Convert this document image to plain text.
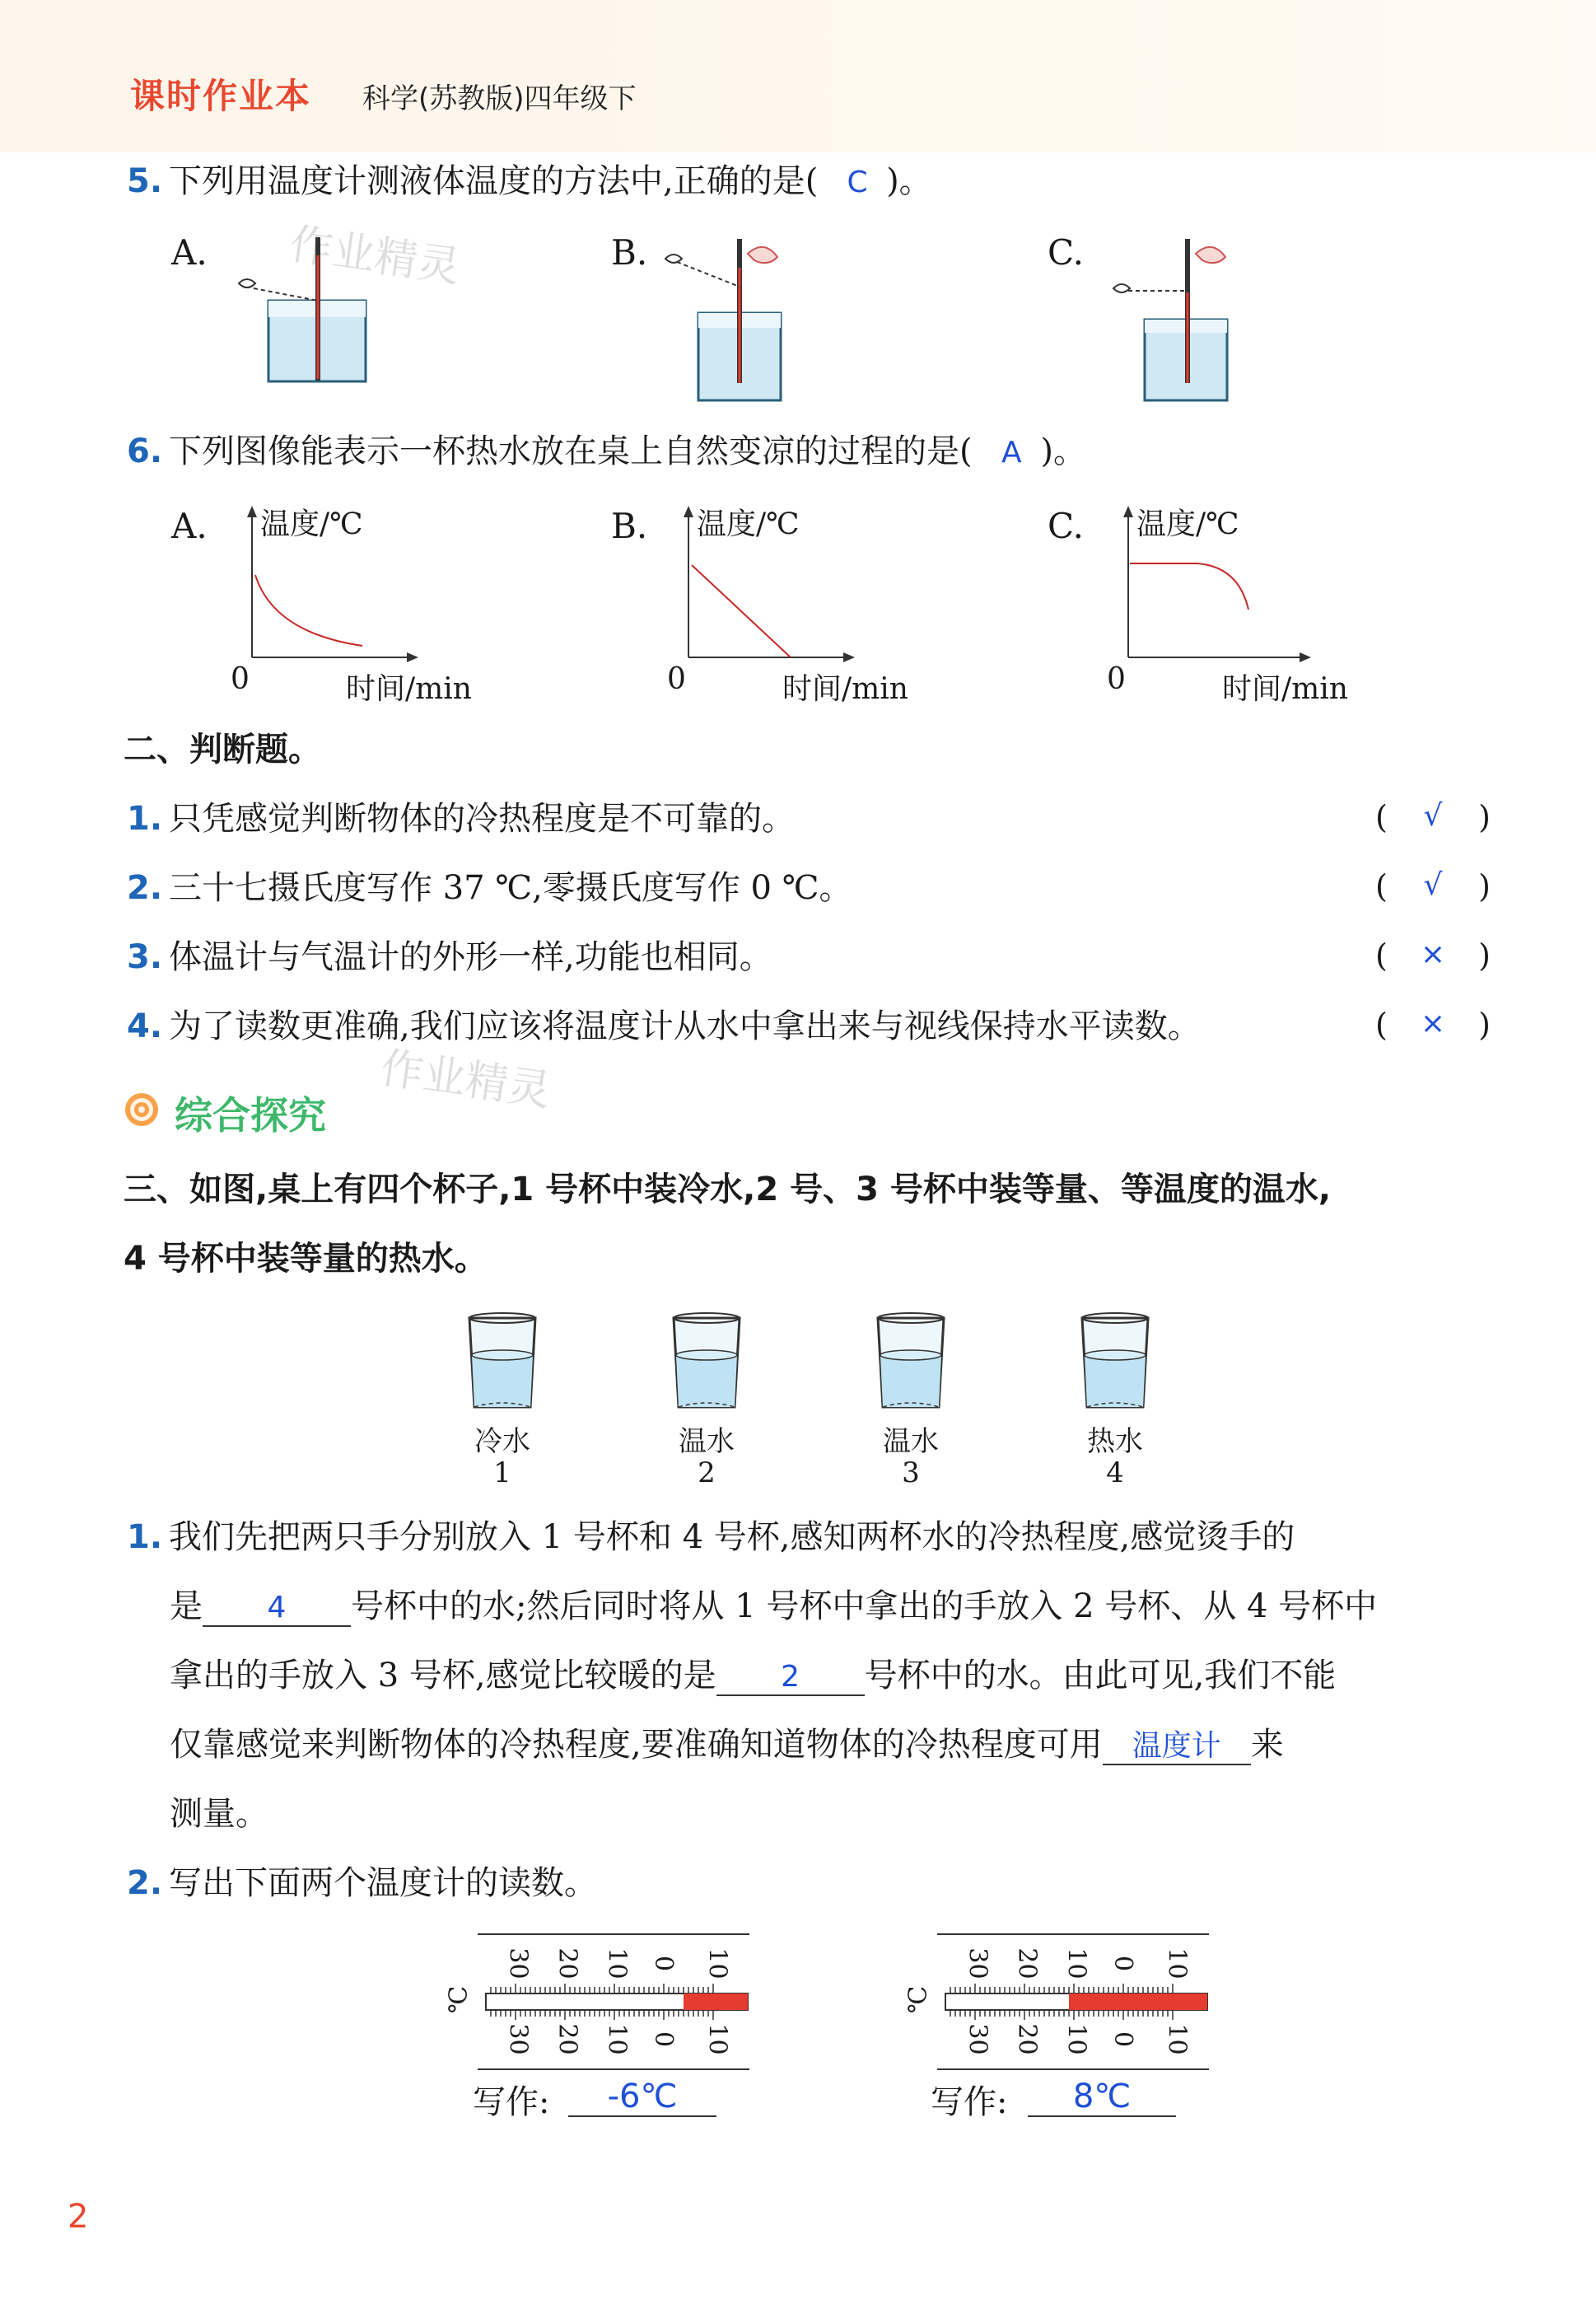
课时作业本 科学(苏教版)四年级下
作业精灵
作业精灵
5. 下列用温度计测液体温度的方法中,正确的是( C )。
A.	B.	C.
6. 下列图像能表示一杯热水放在桌上自然变凉的过程的是( A )。
A.	B.	C.
温度/℃
0	时间/min
温度/℃
0	时间/min
温度/℃
0	时间/min
二、判断题。
1. 只凭感觉判断物体的冷热程度是不可靠的。	(	√	)
2. 三十七摄氏度写作 37 ℃,零摄氏度写作 0 ℃。	(	√	)
3. 体温计与气温计的外形一样,功能也相同。	(	×	)
4. 为了读数更准确,我们应该将温度计从水中拿出来与视线保持水平读数。	(	×	)
综合探究
三、如图,桌上有四个杯子,1 号杯中装冷水,2 号、3 号杯中装等量、等温度的温水,
4 号杯中装等量的热水。
冷水
1
温水
2
温水
3
热水
4
1. 我们先把两只手分别放入 1 号杯和 4 号杯,感知两杯水的冷热程度,感觉烫手的
是 4 号杯中的水;然后同时将从 1 号杯中拿出的手放入 2 号杯、从 4 号杯中
拿出的手放入 3 号杯,感觉比较暖的是 2 号杯中的水。由此可见,我们不能
仅靠感觉来判断物体的冷热程度,要准确知道物体的冷热程度可用 温度计 来
测量。
2. 写出下面两个温度计的读数。
℃
30 20 10 0 10
30 20 10 0 10
写作:	-6℃
℃
30 20 10 0 10
30 20 10 0 10
写作:	8℃
2
